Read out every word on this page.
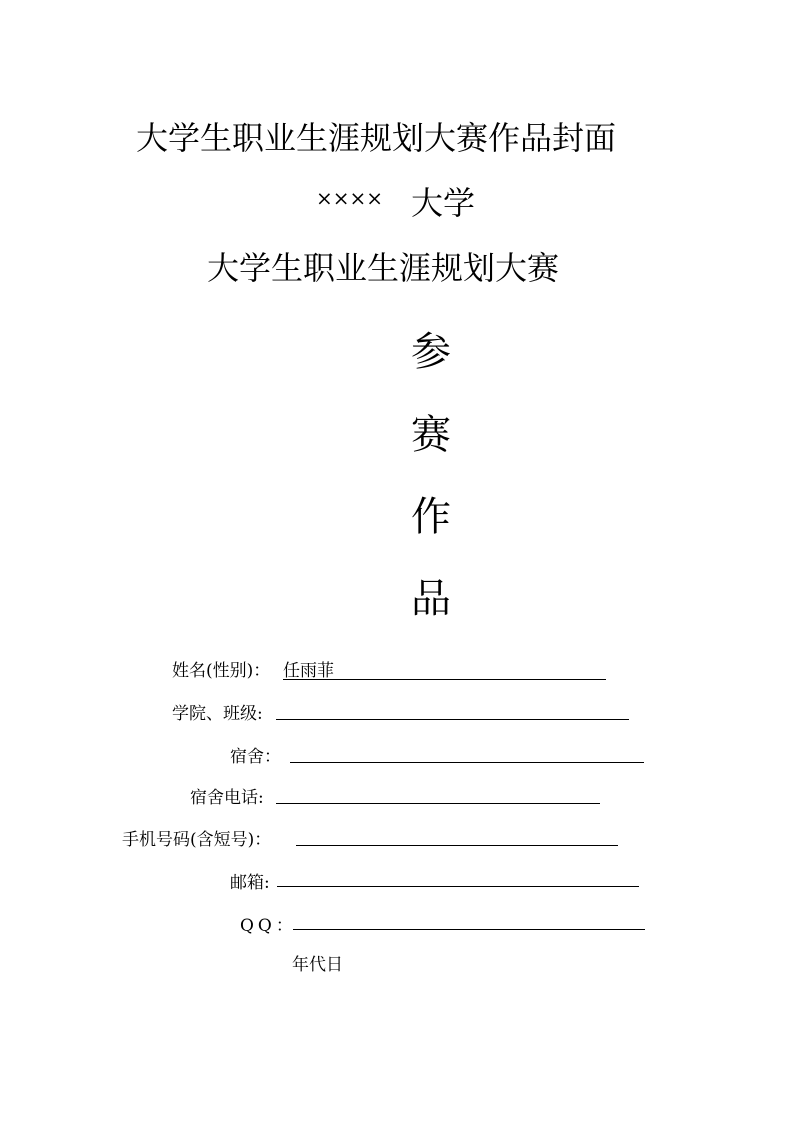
大学生职业生涯规划大赛作品封面
×××× 大学
大学生职业生涯规划大赛
参
赛
作
品
姓名(性别)： 任雨菲
学院、班级:
宿舍：
宿舍电话:
手机号码(含短号)：
邮箱:
QQ：
年代日
